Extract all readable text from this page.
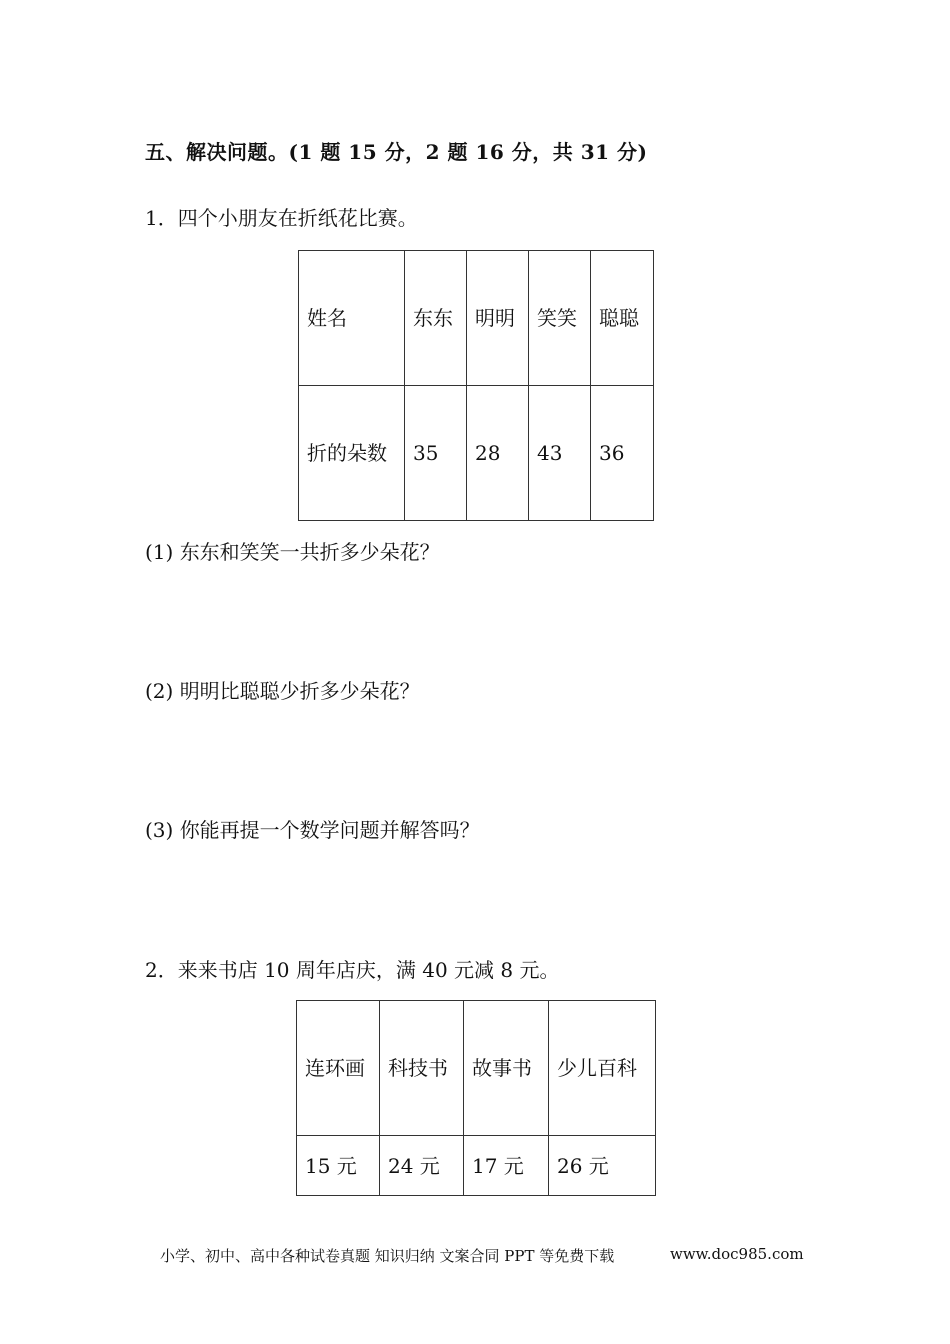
五、解决问题。(1 题 15 分，2 题 16 分，共 31 分)
1．四个小朋友在折纸花比赛。
姓名	东东	明明	笑笑	聪聪
折的朵数	35	28	43	36
(1) 东东和笑笑一共折多少朵花？
(2) 明明比聪聪少折多少朵花？
(3) 你能再提一个数学问题并解答吗？
2．来来书店 10 周年店庆，满 40 元减 8 元。
连环画	科技书	故事书	少儿百科
15 元	24 元	17 元	26 元
小学、初中、高中各种试卷真题 知识归纳 文案合同 PPT 等免费下载	www.doc985.com
